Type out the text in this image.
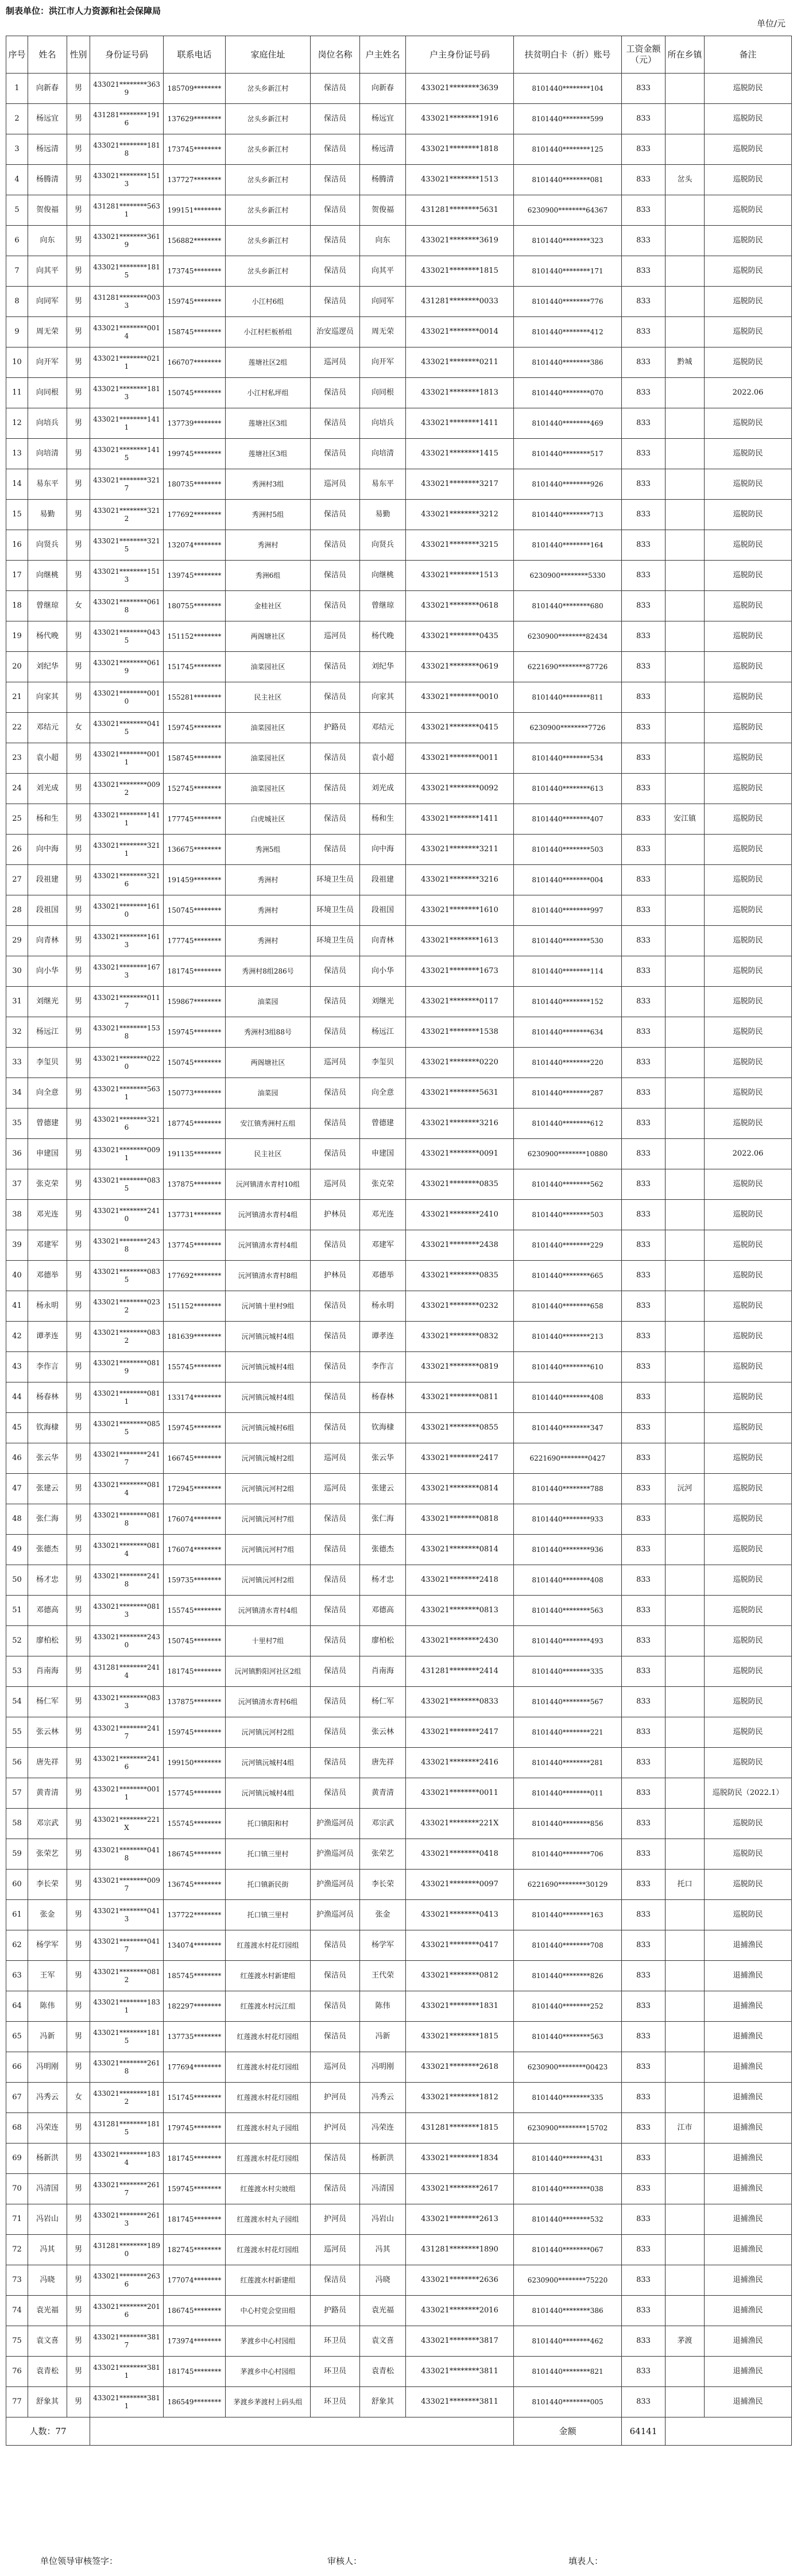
制表单位：洪江市人力资源和社会保障局
单位/元
序号	姓名	性别	身份证号码	联系电话	家庭住址	岗位名称	户主姓名	户主身份证号码	扶贫明白卡（折）账号	工资金额（元）	所在乡镇	备注
1	向新春	男	433021********3639	185709********	岔头乡新江村	保洁员	向新春	433021********3639	8101440********104	833		巡脱防民
2	杨远宜	男	431281********1916	137629********	岔头乡新江村	保洁员	杨远宜	433021********1916	8101440********599	833		巡脱防民
3	杨远清	男	433021********1818	173745********	岔头乡新江村	保洁员	杨远清	433021********1818	8101440********125	833		巡脱防民
4	杨腾清	男	433021********1513	137727********	岔头乡新江村	保洁员	杨腾清	433021********1513	8101440********081	833	岔头	巡脱防民
5	贺俊福	男	431281********5631	199151********	岔头乡新江村	保洁员	贺俊福	431281********5631	6230900********64367	833		巡脱防民
6	向东	男	433021********3619	156882********	岔头乡新江村	保洁员	向东	433021********3619	8101440********323	833		巡脱防民
7	向其平	男	433021********1815	173745********	岔头乡新江村	保洁员	向其平	433021********1815	8101440********171	833		巡脱防民
8	向同军	男	431281********0033	159745********	小江村6组	保洁员	向同军	431281********0033	8101440********776	833		巡脱防民
9	周无荣	男	433021********0014	158745********	小江村栏板桥组	治安巡逻员	周无荣	433021********0014	8101440********412	833		巡脱防民
10	向开军	男	433021********0211	166707********	莲塘社区2组	巡河员	向开军	433021********0211	8101440********386	833	黔城	巡脱防民
11	向同根	男	433021********1813	150745********	小江村私坪组	保洁员	向同根	433021********1813	8101440********070	833		2022.06
12	向培兵	男	433021********1411	137739********	莲塘社区3组	保洁员	向培兵	433021********1411	8101440********469	833		巡脱防民
13	向培清	男	433021********1415	199745********	莲塘社区3组	保洁员	向培清	433021********1415	8101440********517	833		巡脱防民
14	易东平	男	433021********3217	180735********	秀洲村3组	巡河员	易东平	433021********3217	8101440********926	833		巡脱防民
15	易勤	男	433021********3212	177692********	秀洲村5组	保洁员	易勤	433021********3212	8101440********713	833		巡脱防民
16	向贤兵	男	433021********3215	132074********	秀洲村	保洁员	向贤兵	433021********3215	8101440********164	833		巡脱防民
17	向继桃	男	433021********1513	139745********	秀洲6组	保洁员	向继桃	433021********1513	6230900********5330	833		巡脱防民
18	曾继琼	女	433021********0618	180755********	金桂社区	保洁员	曾继琼	433021********0618	8101440********680	833		巡脱防民
19	杨代晚	男	433021********0435	151152********	两阁塘社区	巡河员	杨代晚	433021********0435	6230900********82434	833		巡脱防民
20	刘纪华	男	433021********0619	151745********	油菜园社区	保洁员	刘纪华	433021********0619	6221690********87726	833		巡脱防民
21	向家其	男	433021********0010	155281********	民主社区	保洁员	向家其	433021********0010	8101440********811	833		巡脱防民
22	邓结元	女	433021********0415	159745********	油菜园社区	护路员	邓结元	433021********0415	6230900********7726	833		巡脱防民
23	袁小超	男	433021********0011	158745********	油菜园社区	保洁员	袁小超	433021********0011	8101440********534	833		巡脱防民
24	刘光成	男	433021********0092	152745********	油菜园社区	保洁员	刘光成	433021********0092	8101440********613	833		巡脱防民
25	杨和生	男	433021********1411	177745********	白虎城社区	保洁员	杨和生	433021********1411	8101440********407	833	安江镇	巡脱防民
26	向中海	男	433021********3211	136675********	秀洲5组	保洁员	向中海	433021********3211	8101440********503	833		巡脱防民
27	段祖建	男	433021********3216	191459********	秀洲村	环境卫生员	段祖建	433021********3216	8101440********004	833		巡脱防民
28	段祖国	男	433021********1610	150745********	秀洲村	环境卫生员	段祖国	433021********1610	8101440********997	833		巡脱防民
29	向青林	男	433021********1613	177745********	秀洲村	环境卫生员	向青林	433021********1613	8101440********530	833		巡脱防民
30	向小华	男	433021********1673	181745********	秀洲村8组286号	保洁员	向小华	433021********1673	8101440********114	833		巡脱防民
31	刘继光	男	433021********0117	159867********	油菜园	保洁员	刘继光	433021********0117	8101440********152	833		巡脱防民
32	杨远江	男	433021********1538	159745********	秀洲村3组88号	保洁员	杨远江	433021********1538	8101440********634	833		巡脱防民
33	李玺贝	男	433021********0220	150745********	两阁塘社区	巡河员	李玺贝	433021********0220	8101440********220	833		巡脱防民
34	向全意	男	433021********5631	150773********	油菜园	保洁员	向全意	433021********5631	8101440********287	833		巡脱防民
35	曾德建	男	433021********3216	187745********	安江镇秀洲村五组	保洁员	曾德建	433021********3216	8101440********612	833		巡脱防民
36	申建国	男	433021********0091	191135********	民主社区	保洁员	申建国	433021********0091	6230900********10880	833		2022.06
37	张克荣	男	433021********0835	137875********	沅河镇清水青村10组	巡河员	张克荣	433021********0835	8101440********562	833		巡脱防民
38	邓光连	男	433021********2410	137731********	沅河镇清水青村4组	护林员	邓光连	433021********2410	8101440********503	833		巡脱防民
39	邓建军	男	433021********2438	137745********	沅河镇清水青村4组	保洁员	邓建军	433021********2438	8101440********229	833		巡脱防民
40	邓德举	男	433021********0835	177692********	沅河镇清水青村8组	护林员	邓德举	433021********0835	8101440********665	833		巡脱防民
41	杨永明	男	433021********0232	151152********	沅河镇十里村9组	保洁员	杨永明	433021********0232	8101440********658	833		巡脱防民
42	谭孝连	男	433021********0832	181639********	沅河镇沅城村4组	保洁员	谭孝连	433021********0832	8101440********213	833		巡脱防民
43	李作言	男	433021********0819	155745********	沅河镇沅城村4组	保洁员	李作言	433021********0819	8101440********610	833		巡脱防民
44	杨春林	男	433021********0811	133174********	沅河镇沅城村4组	保洁员	杨春林	433021********0811	8101440********408	833		巡脱防民
45	钦海棣	男	433021********0855	159745********	沅河镇沅城村6组	保洁员	钦海棣	433021********0855	8101440********347	833		巡脱防民
46	张云华	男	433021********2417	166745********	沅河镇沅城村2组	巡河员	张云华	433021********2417	6221690********0427	833		巡脱防民
47	张建云	男	433021********0814	172945********	沅河镇沅河村2组	巡河员	张建云	433021********0814	8101440********788	833	沅河	巡脱防民
48	张仁海	男	433021********0818	176074********	沅河镇沅河村7组	保洁员	张仁海	433021********0818	8101440********933	833		巡脱防民
49	张德杰	男	433021********0814	176074********	沅河镇沅河村7组	保洁员	张德杰	433021********0814	8101440********936	833		巡脱防民
50	杨才忠	男	433021********2418	159735********	沅河镇沅河村2组	保洁员	杨才忠	433021********2418	8101440********408	833		巡脱防民
51	邓德高	男	433021********0813	155745********	沅河镇清水青村4组	保洁员	邓德高	433021********0813	8101440********563	833		巡脱防民
52	廖柏松	男	433021********2430	150745********	十里村7组	保洁员	廖柏松	433021********2430	8101440********493	833		巡脱防民
53	肖南海	男	431281********2414	181745********	沅河镇黔阳河社区2组	保洁员	肖南海	431281********2414	8101440********335	833		巡脱防民
54	杨仁军	男	433021********0833	137875********	沅河镇清水青村6组	保洁员	杨仁军	433021********0833	8101440********567	833		巡脱防民
55	张云林	男	433021********2417	159745********	沅河镇沅河村2组	保洁员	张云林	433021********2417	8101440********221	833		巡脱防民
56	唐先祥	男	433021********2416	199150********	沅河镇沅城村4组	保洁员	唐先祥	433021********2416	8101440********281	833		巡脱防民
57	黄青清	男	433021********0011	157745********	沅河镇沅城村4组	保洁员	黄青清	433021********0011	8101440********011	833		巡脱防民（2022.1）
58	邓宗武	男	433021********221X	155745********	托口镇阳和村	护渔巡河员	邓宗武	433021********221X	8101440********856	833		巡脱防民
59	张荣艺	男	433021********0418	186745********	托口镇三里村	护渔巡河员	张荣艺	433021********0418	8101440********706	833		巡脱防民
60	李长荣	男	433021********0097	136745********	托口镇新民街	护渔巡河员	李长荣	433021********0097	6221690********30129	833	托口	巡脱防民
61	张金	男	433021********0413	137722********	托口镇三里村	护渔巡河员	张金	433021********0413	8101440********163	833		巡脱防民
62	杨学军	男	433021********0417	134074********	红莲渡水村花灯园组	保洁员	杨学军	433021********0417	8101440********708	833		退捕渔民
63	王军	男	433021********0812	185745********	红莲渡水村新建组	保洁员	王代荣	433021********0812	8101440********826	833		退捕渔民
64	陈伟	男	433021********1831	182297********	红莲渡水村沅江组	保洁员	陈伟	433021********1831	8101440********252	833		退捕渔民
65	冯新	男	433021********1815	137735********	红莲渡水村花灯园组	保洁员	冯新	433021********1815	8101440********563	833		退捕渔民
66	冯明刚	男	433021********2618	177694********	红莲渡水村花灯园组	巡河员	冯明刚	433021********2618	6230900********00423	833		退捕渔民
67	冯秀云	女	433021********1812	151745********	红莲渡水村花灯园组	护河员	冯秀云	433021********1812	8101440********335	833		退捕渔民
68	冯荣连	男	431281********1815	179745********	红莲渡水村丸子园组	护河员	冯荣连	431281********1815	6230900********15702	833	江市	退捕渔民
69	杨新洪	男	433021********1834	181745********	红莲渡水村花灯园组	保洁员	杨新洪	433021********1834	8101440********431	833		退捕渔民
70	冯清国	男	433021********2617	159745********	红莲渡水村尖坡组	保洁员	冯清国	433021********2617	8101440********038	833		退捕渔民
71	冯岩山	男	433021********2613	181745********	红莲渡水村丸子园组	护河员	冯岩山	433021********2613	8101440********532	833		退捕渔民
72	冯其	男	431281********1890	182745********	红莲渡水村花灯园组	巡河员	冯其	431281********1890	8101440********067	833		退捕渔民
73	冯晓	男	433021********2636	177074********	红莲渡水村新建组	保洁员	冯晓	433021********2636	6230900********75220	833		退捕渔民
74	袁光福	男	433021********2016	186745********	中心村党会堂田组	护路员	袁光福	433021********2016	8101440********386	833		退捕渔民
75	袁文喜	男	433021********3817	173974********	茅渡乡中心村园组	环卫员	袁文喜	433021********3817	8101440********462	833	茅渡	退捕渔民
76	袁青松	男	433021********3811	181745********	茅渡乡中心村园组	环卫员	袁青松	433021********3811	8101440********821	833		退捕渔民
77	舒象其	男	433021********3811	186549********	茅渡乡茅渡村上码头组	环卫员	舒象其	433021********3811	8101440********005	833		退捕渔民
人数：77									金额	64141		
单位领导审核签字：	审核人：	填表人：
